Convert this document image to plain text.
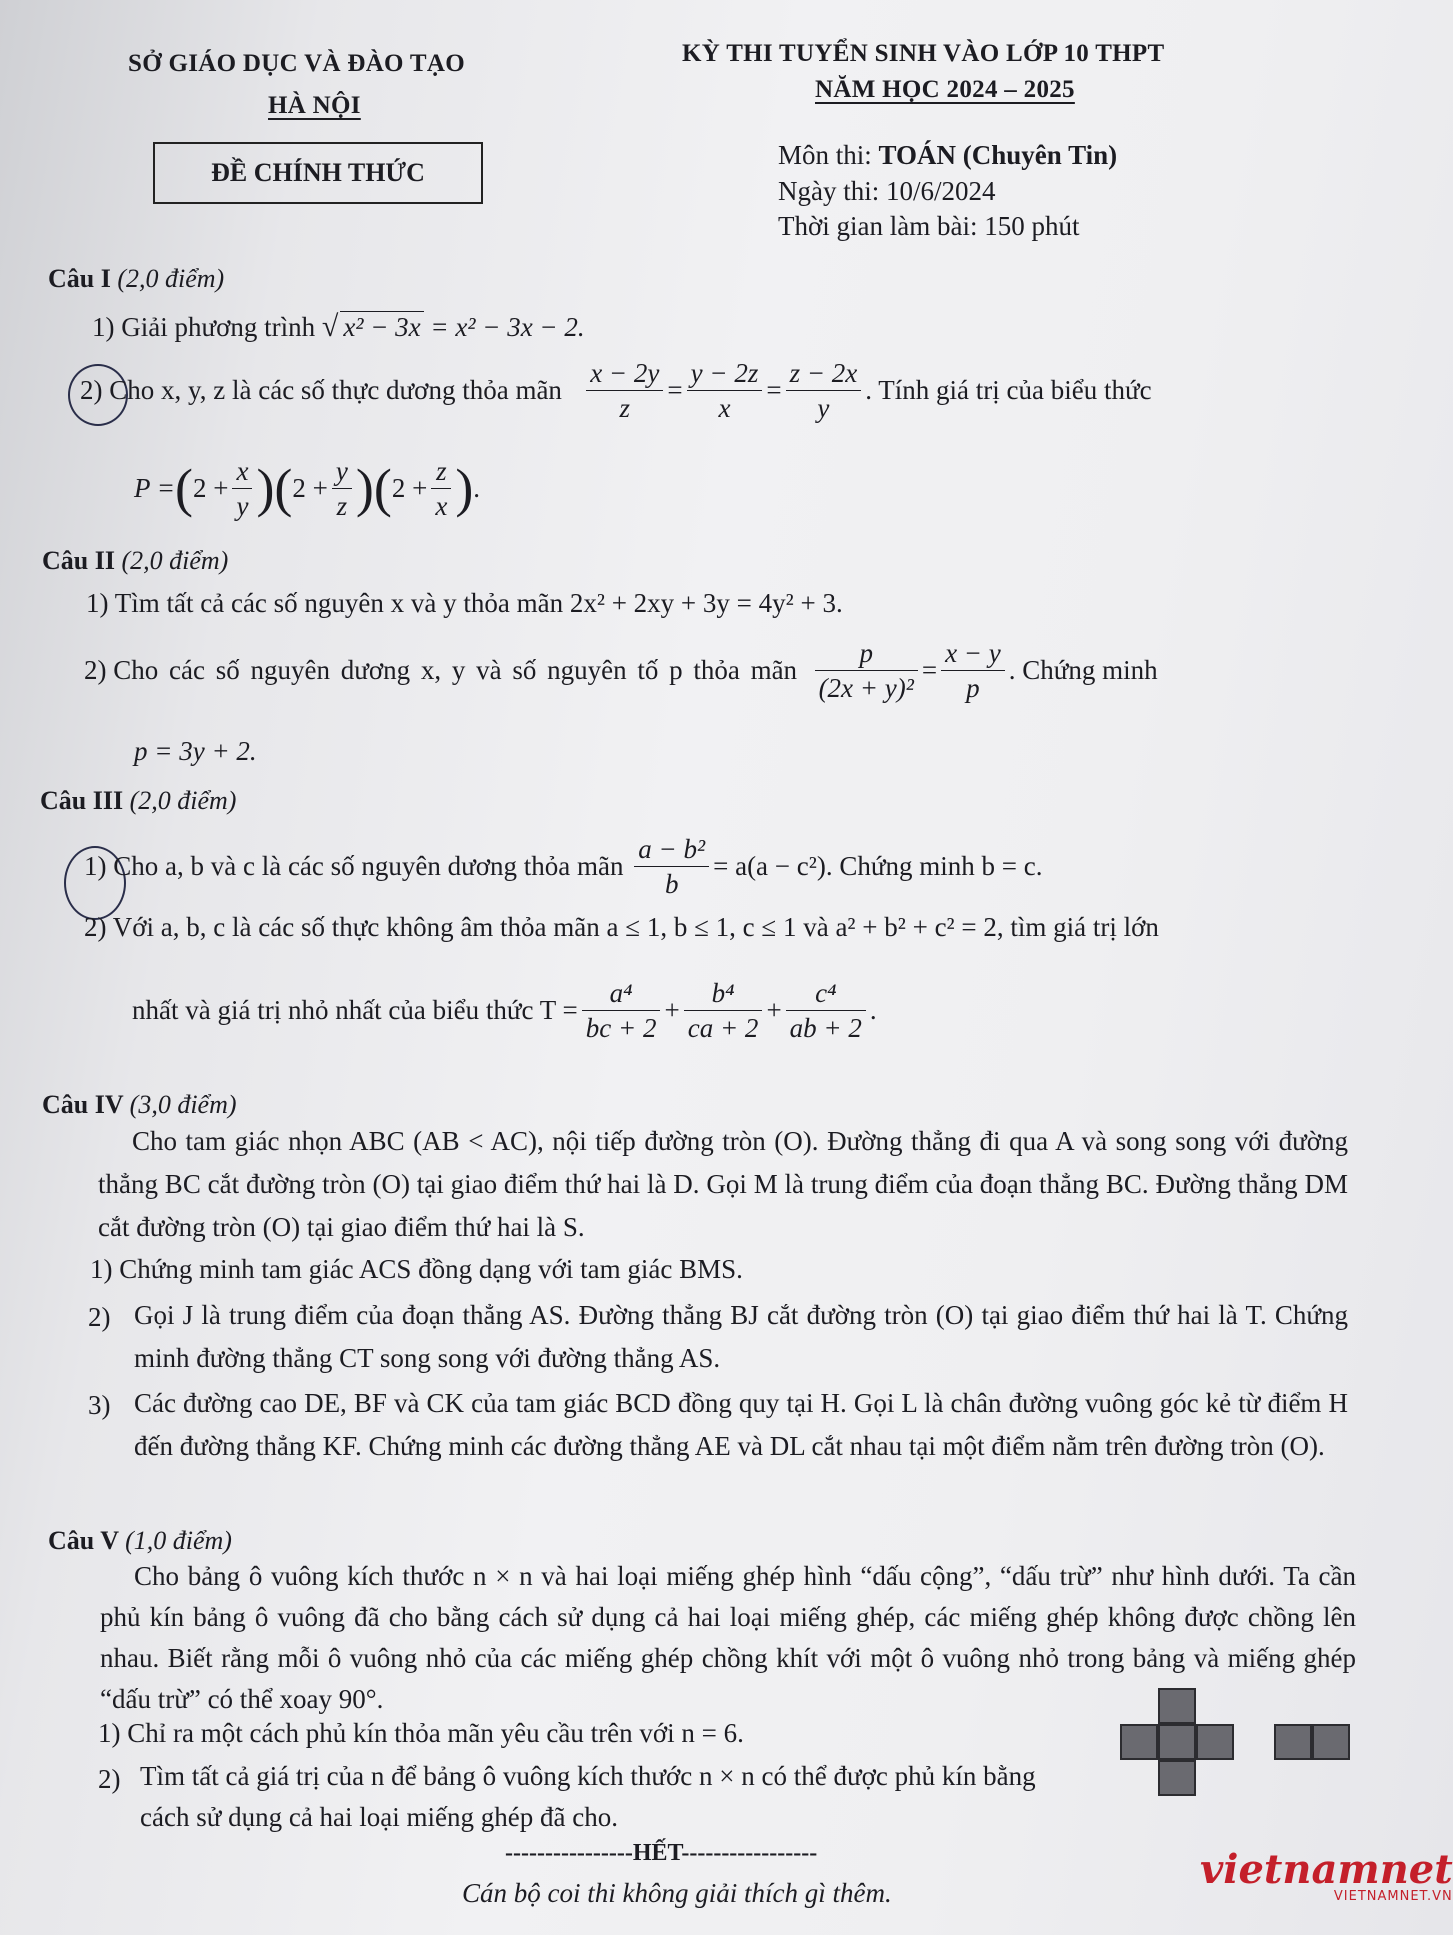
SỞ GIÁO DỤC VÀ ĐÀO TẠO
HÀ NỘI
ĐỀ CHÍNH THỨC
KỲ THI TUYỂN SINH VÀO LỚP 10 THPT
NĂM HỌC 2024 – 2025
Môn thi: TOÁN (Chuyên Tin)
Ngày thi: 10/6/2024
Thời gian làm bài: 150 phút
Câu I (2,0 điểm)
1) Giải phương trình √ x² − 3x = x² − 3x − 2.
2)
Cho x, y, z là các số thực dương thỏa mãn
$\frac{x - 2y}{z} = \frac{y - 2z}{x} = \frac{z - 2x}{y}$ . Tính giá trị của biểu thức
P = ( $2 + \frac{x}{y}$ ) ( $2 + \frac{y}{z}$ ) ( $2 + \frac{z}{x}$ ) .
Câu II (2,0 điểm)
1) Tìm tất cả các số nguyên x và y thỏa mãn 2x² + 2xy + 3y = 4y² + 3.
2)
Cho các số nguyên dương x, y và số nguyên tố p thỏa mãn
$\frac{p}{\text{(2x + y)²}} = \frac{x - y}{p}$ . Chứng minh
p = 3y + 2.
Câu III (2,0 điểm)
1)
Cho a, b và c là các số nguyên dương thỏa mãn
$\frac{\text{a − b²}}{b} = a(a - c^2)$. Chứng minh b = c.
2) Với a, b, c là các số thực không âm thỏa mãn a ≤ 1, b ≤ 1, c ≤ 1 và a² + b² + c² = 2, tìm giá trị lớn
nhất và giá trị nhỏ nhất của biểu thức $T = \frac{\text{a⁴}}{bc + 2} + \frac{\text{b⁴}}{ca + 2} + \frac{\text{c⁴}}{ab + 2}$ .
Câu IV (3,0 điểm)
Cho tam giác nhọn ABC (AB < AC), nội tiếp đường tròn (O). Đường thẳng đi qua A và song song với đường thẳng BC cắt đường tròn (O) tại giao điểm thứ hai là D. Gọi M là trung điểm của đoạn thẳng BC. Đường thẳng DM cắt đường tròn (O) tại giao điểm thứ hai là S.
1) Chứng minh tam giác ACS đồng dạng với tam giác BMS.
2) Gọi J là trung điểm của đoạn thẳng AS. Đường thẳng BJ cắt đường tròn (O) tại giao điểm thứ hai là T. Chứng minh đường thẳng CT song song với đường thẳng AS.
3) Các đường cao DE, BF và CK của tam giác BCD đồng quy tại H. Gọi L là chân đường vuông góc kẻ từ điểm H đến đường thẳng KF. Chứng minh các đường thẳng AE và DL cắt nhau tại một điểm nằm trên đường tròn (O).
Câu V (1,0 điểm)
Cho bảng ô vuông kích thước n × n và hai loại miếng ghép hình “dấu cộng”, “dấu trừ” như hình dưới. Ta cần phủ kín bảng ô vuông đã cho bằng cách sử dụng cả hai loại miếng ghép, các miếng ghép không được chồng lên nhau. Biết rằng mỗi ô vuông nhỏ của các miếng ghép chồng khít với một ô vuông nhỏ trong bảng và miếng ghép “dấu trừ” có thể xoay 90°.
1) Chỉ ra một cách phủ kín thỏa mãn yêu cầu trên với n = 6.
2) Tìm tất cả giá trị của n để bảng ô vuông kích thước n × n có thể được phủ kín bằng cách sử dụng cả hai loại miếng ghép đã cho.
----------------HẾT-----------------
Cán bộ coi thi không giải thích gì thêm.	vietnamnet
VIETNAMNET.VN
